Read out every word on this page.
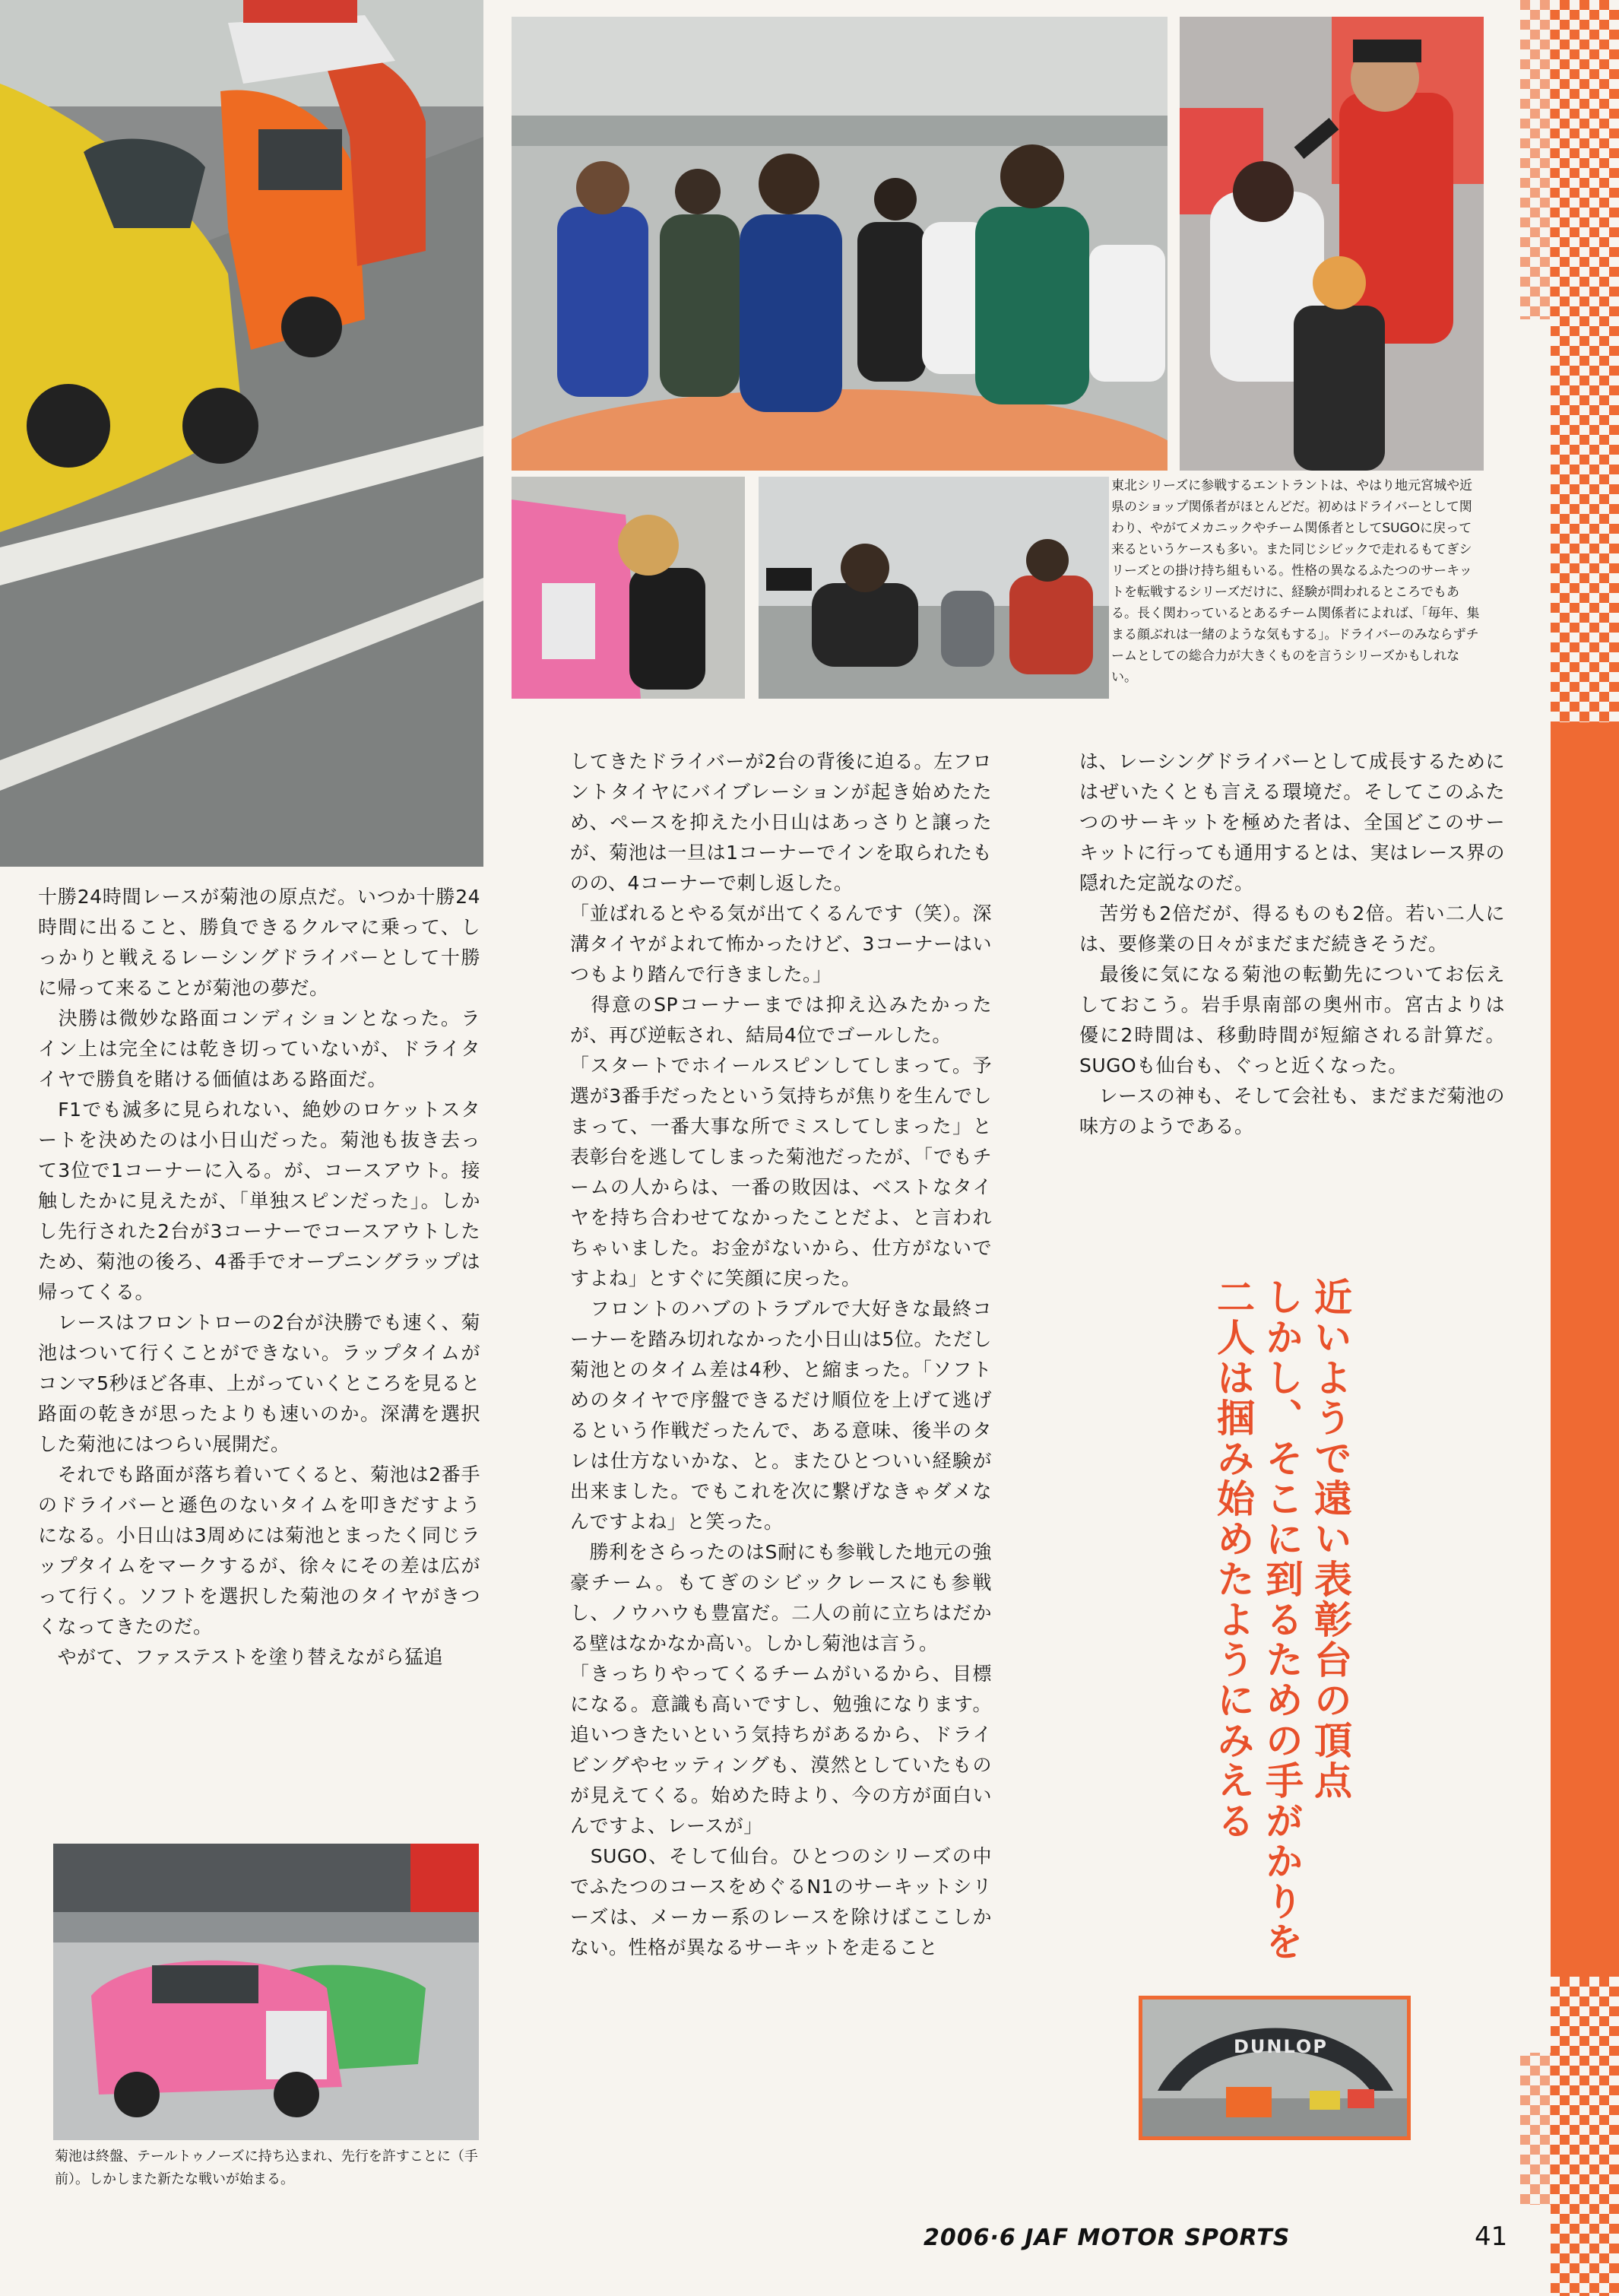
東北シリーズに参戦するエントラントは、やはり地元宮城や近県のショップ関係者がほとんどだ。初めはドライバーとして関わり、やがてメカニックやチーム関係者としてSUGOに戻って来るというケースも多い。また同じシビックで走れるもてぎシリーズとの掛け持ち組もいる。性格の異なるふたつのサーキットを転戦するシリーズだけに、経験が問われるところでもある。長く関わっているとあるチーム関係者によれば、「毎年、集まる顔ぶれは一緒のような気もする」。ドライバーのみならずチームとしての総合力が大きくものを言うシリーズかもしれない。

十勝24時間レースが菊池の原点だ。いつか十勝24時間に出ること、勝負できるクルマに乗って、しっかりと戦えるレーシングドライバーとして十勝に帰って来ることが菊池の夢だ。

　決勝は微妙な路面コンディションとなった。ライン上は完全には乾き切っていないが、ドライタイヤで勝負を賭ける価値はある路面だ。

　F1でも滅多に見られない、絶妙のロケットスタートを決めたのは小日山だった。菊池も抜き去って3位で1コーナーに入る。が、コースアウト。接触したかに見えたが、「単独スピンだった」。しかし先行された2台が3コーナーでコースアウトしたため、菊池の後ろ、4番手でオープニングラップは帰ってくる。

　レースはフロントローの2台が決勝でも速く、菊池はついて行くことができない。ラップタイムがコンマ5秒ほど各車、上がっていくところを見ると路面の乾きが思ったよりも速いのか。深溝を選択した菊池にはつらい展開だ。

　それでも路面が落ち着いてくると、菊池は2番手のドライバーと遜色のないタイムを叩きだすようになる。小日山は3周めには菊池とまったく同じラップタイムをマークするが、徐々にその差は広がって行く。ソフトを選択した菊池のタイヤがきつくなってきたのだ。

　やがて、ファステストを塗り替えながら猛追

してきたドライバーが2台の背後に迫る。左フロントタイヤにバイブレーションが起き始めたため、ペースを抑えた小日山はあっさりと譲ったが、菊池は一旦は1コーナーでインを取られたものの、4コーナーで刺し返した。

「並ばれるとやる気が出てくるんです（笑）。深溝タイヤがよれて怖かったけど、3コーナーはいつもより踏んで行きました。」

　得意のSPコーナーまでは抑え込みたかったが、再び逆転され、結局4位でゴールした。

「スタートでホイールスピンしてしまって。予選が3番手だったという気持ちが焦りを生んでしまって、一番大事な所でミスしてしまった」と表彰台を逃してしまった菊池だったが、「でもチームの人からは、一番の敗因は、ベストなタイヤを持ち合わせてなかったことだよ、と言われちゃいました。お金がないから、仕方がないですよね」とすぐに笑顔に戻った。

　フロントのハブのトラブルで大好きな最終コーナーを踏み切れなかった小日山は5位。ただし菊池とのタイム差は4秒、と縮まった。「ソフトめのタイヤで序盤できるだけ順位を上げて逃げるという作戦だったんで、ある意味、後半のタレは仕方ないかな、と。またひとついい経験が出来ました。でもこれを次に繋げなきゃダメなんですよね」と笑った。

　勝利をさらったのはS耐にも参戦した地元の強豪チーム。もてぎのシビックレースにも参戦し、ノウハウも豊富だ。二人の前に立ちはだかる壁はなかなか高い。しかし菊池は言う。

「きっちりやってくるチームがいるから、目標になる。意識も高いですし、勉強になります。追いつきたいという気持ちがあるから、ドライビングやセッティングも、漠然としていたものが見えてくる。始めた時より、今の方が面白いんですよ、レースが」

　SUGO、そして仙台。ひとつのシリーズの中でふたつのコースをめぐるN1のサーキットシリーズは、メーカー系のレースを除けばここしかない。性格が異なるサーキットを走ること

は、レーシングドライバーとして成長するためにはぜいたくとも言える環境だ。そしてこのふたつのサーキットを極めた者は、全国どこのサーキットに行っても通用するとは、実はレース界の隠れた定説なのだ。

　苦労も2倍だが、得るものも2倍。若い二人には、要修業の日々がまだまだ続きそうだ。

　最後に気になる菊池の転勤先についてお伝えしておこう。岩手県南部の奥州市。宮古よりは優に2時間は、移動時間が短縮される計算だ。SUGOも仙台も、ぐっと近くなった。

　レースの神も、そして会社も、まだまだ菊池の味方のようである。

近いようで遠い表彰台の頂点
しかし、そこに到るための手がかりを
二人は掴み始めたようにみえる
菊池は終盤、テールトゥノーズに持ち込まれ、先行を許すことに（手前）。しかしまた新たな戦いが始まる。
DUNLOP
2006·6 JAF MOTOR SPORTS	41
